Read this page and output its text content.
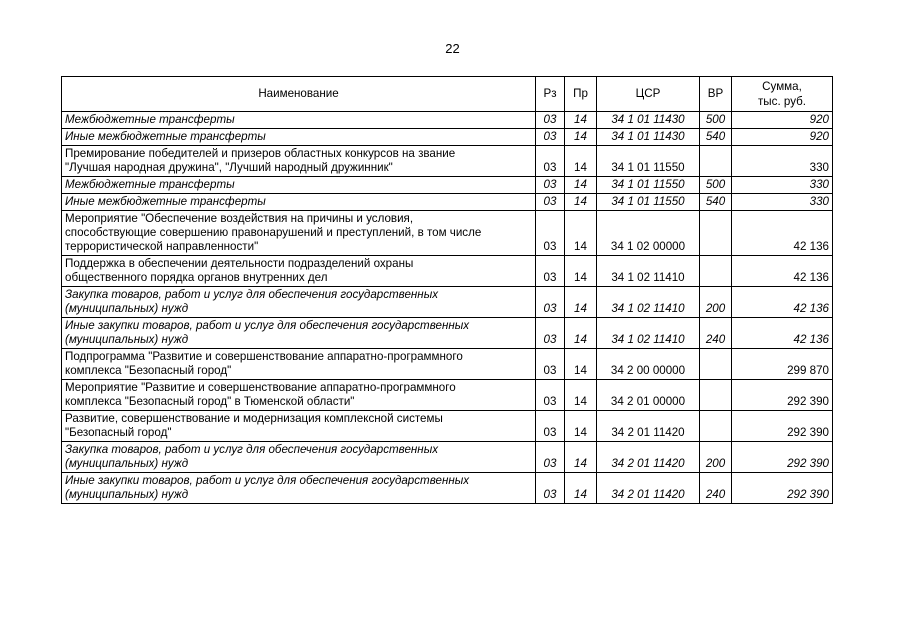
22
Наименование	Рз	Пр	ЦСР	ВР	Сумма,
тыс. руб.
Межбюджетные трансферты	03	14	34 1 01 11430	500	920
Иные межбюджетные трансферты	03	14	34 1 01 11430	540	920
Премирование победителей и призеров областных конкурсов на звание
"Лучшая народная дружина", "Лучший народный дружинник"	03	14	34 1 01 11550		330
Межбюджетные трансферты	03	14	34 1 01 11550	500	330
Иные межбюджетные трансферты	03	14	34 1 01 11550	540	330
Мероприятие "Обеспечение воздействия на причины и условия,
способствующие совершению правонарушений и преступлений, в том числе
террористической направленности"	03	14	34 1 02 00000		42 136
Поддержка в обеспечении деятельности подразделений охраны
общественного порядка органов внутренних дел	03	14	34 1 02 11410		42 136
Закупка товаров, работ и услуг для обеспечения государственных
(муниципальных) нужд	03	14	34 1 02 11410	200	42 136
Иные закупки товаров, работ и услуг для обеспечения государственных
(муниципальных) нужд	03	14	34 1 02 11410	240	42 136
Подпрограмма "Развитие и совершенствование аппаратно-программного
комплекса "Безопасный город"	03	14	34 2 00 00000		299 870
Мероприятие "Развитие и совершенствование аппаратно-программного
комплекса "Безопасный город" в Тюменской области"	03	14	34 2 01 00000		292 390
Развитие, совершенствование и модернизация комплексной системы
"Безопасный город"	03	14	34 2 01 11420		292 390
Закупка товаров, работ и услуг для обеспечения государственных
(муниципальных) нужд	03	14	34 2 01 11420	200	292 390
Иные закупки товаров, работ и услуг для обеспечения государственных
(муниципальных) нужд	03	14	34 2 01 11420	240	292 390
